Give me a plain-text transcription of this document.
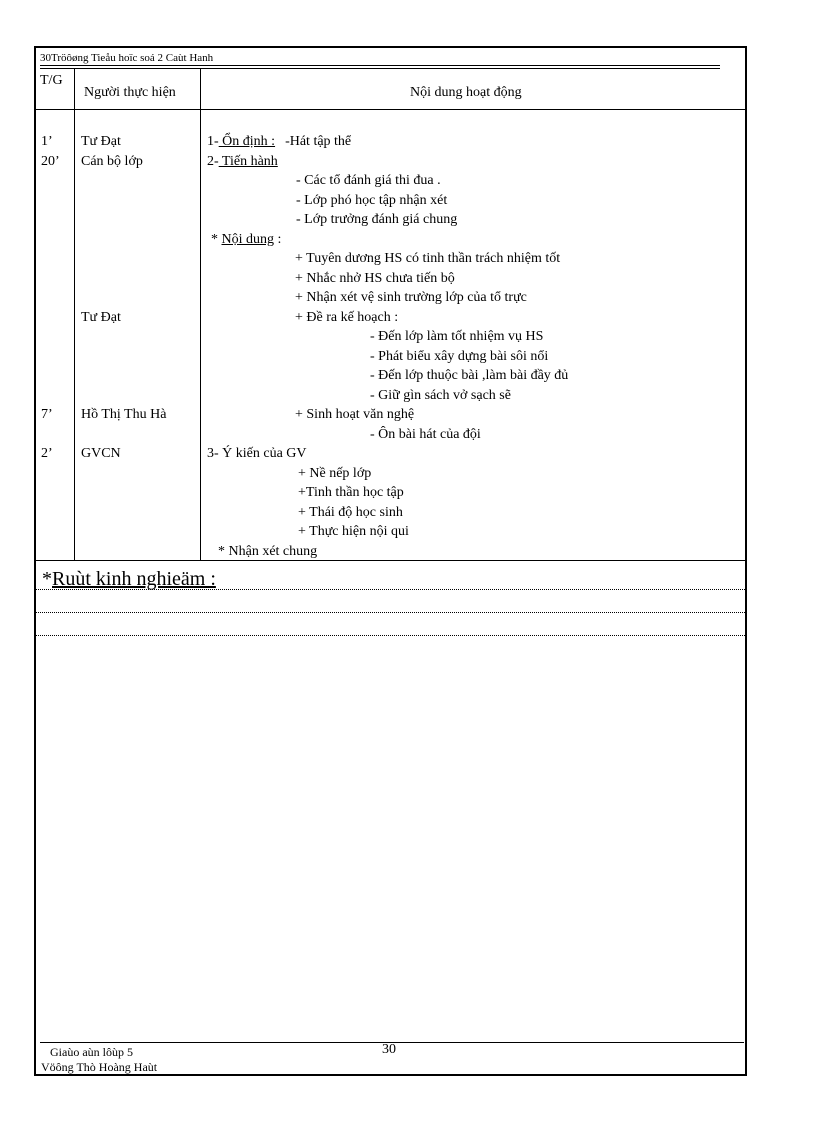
30Tröôøng Tieåu hoïc soá 2 Caùt Hanh
T/G
Người thực hiện	Nội dung hoạt động
1’ Tư Đạt	1- Ổn định : -Hát tập thể
20’ Cán bộ lớp	2- Tiến hành
- Các tổ đánh giá thi đua .
- Lớp phó học tập nhận xét
- Lớp trưởng đánh giá chung
* Nội dung :
+ Tuyên dương HS có tinh thần trách nhiệm tốt
+ Nhắc nhở HS chưa tiến bộ
+ Nhận xét vệ sinh trường lớp của tổ trực
Tư Đạt	+ Đề ra kế hoạch :
- Đến lớp làm tốt nhiệm vụ HS
- Phát biểu xây dựng bài sôi nổi
- Đến lớp thuộc bài ,làm bài đầy đủ
- Giữ gìn sách vở sạch sẽ
7’ Hồ Thị Thu Hà	+ Sinh hoạt văn nghệ
- Ôn bài hát của đội
2’ GVCN	3- Ý kiến của GV
+ Nề nếp lớp
+Tinh thần học tập
+ Thái độ học sinh
+ Thực hiện nội qui
* Nhận xét chung
*Ruùt kinh nghieäm :
Giaùo aùn lôùp 5	30
Vöông Thò Hoàng Haùt
